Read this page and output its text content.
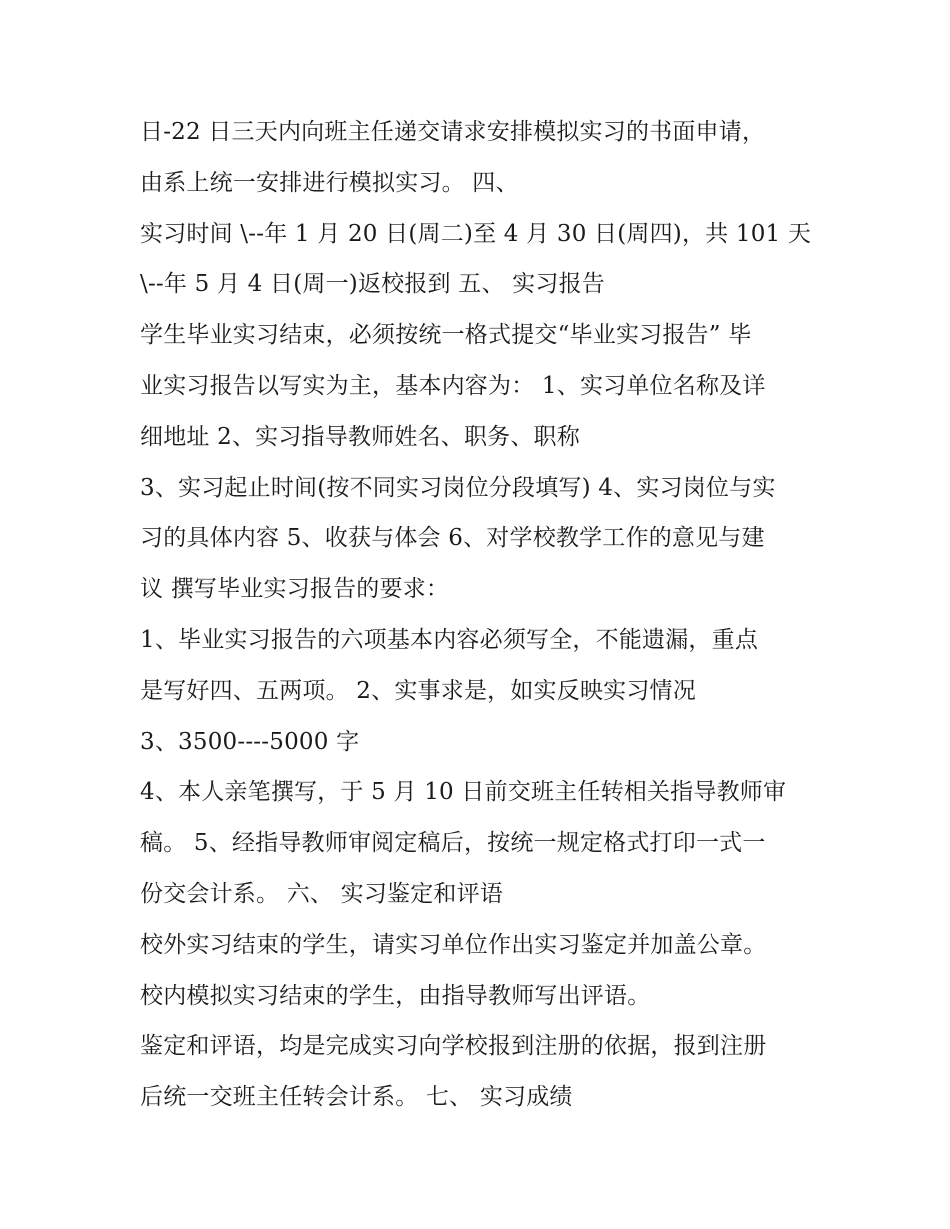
日-22 日三天内向班主任递交请求安排模拟实习的书面申请，
由系上统一安排进行模拟实习。 四、
实习时间 \--年 1 月 20 日(周二)至 4 月 30 日(周四)，共 101 天
\--年 5 月 4 日(周一)返校报到 五、 实习报告
学生毕业实习结束，必须按统一格式提交“毕业实习报告” 毕
业实习报告以写实为主，基本内容为： 1、实习单位名称及详
细地址 2、实习指导教师姓名、职务、职称
3、实习起止时间(按不同实习岗位分段填写) 4、实习岗位与实
习的具体内容 5、收获与体会 6、对学校教学工作的意见与建
议 撰写毕业实习报告的要求：
1、毕业实习报告的六项基本内容必须写全，不能遗漏，重点
是写好四、五两项。 2、实事求是，如实反映实习情况
3、3500----5000 字
4、本人亲笔撰写，于 5 月 10 日前交班主任转相关指导教师审
稿。 5、经指导教师审阅定稿后，按统一规定格式打印一式一
份交会计系。 六、 实习鉴定和评语
校外实习结束的学生，请实习单位作出实习鉴定并加盖公章。
校内模拟实习结束的学生，由指导教师写出评语。
鉴定和评语，均是完成实习向学校报到注册的依据，报到注册
后统一交班主任转会计系。 七、 实习成绩
